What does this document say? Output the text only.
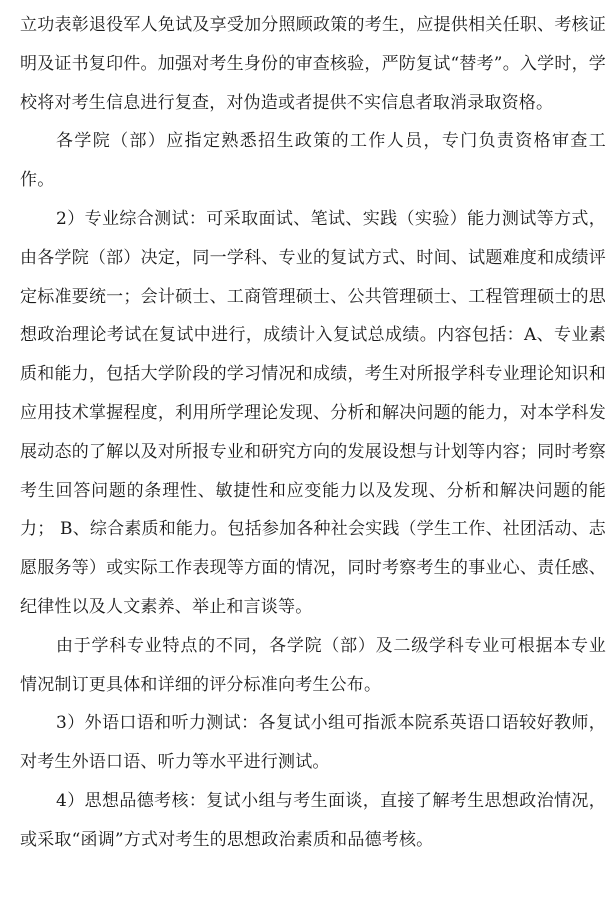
立功表彰退役军人免试及享受加分照顾政策的考生，应提供相关任职、考核证明及证书复印件。加强对考生身份的审查核验，严防复试“替考”。入学时，学校将对考生信息进行复查，对伪造或者提供不实信息者取消录取资格。

各学院（部）应指定熟悉招生政策的工作人员，专门负责资格审查工作。

2）专业综合测试：可采取面试、笔试、实践（实验）能力测试等方式，由各学院（部）决定，同一学科、专业的复试方式、时间、试题难度和成绩评定标准要统一；会计硕士、工商管理硕士、公共管理硕士、工程管理硕士的思想政治理论考试在复试中进行，成绩计入复试总成绩。内容包括：A、专业素质和能力，包括大学阶段的学习情况和成绩，考生对所报学科专业理论知识和应用技术掌握程度，利用所学理论发现、分析和解决问题的能力，对本学科发展动态的了解以及对所报专业和研究方向的发展设想与计划等内容；同时考察考生回答问题的条理性、敏捷性和应变能力以及发现、分析和解决问题的能力； B、综合素质和能力。包括参加各种社会实践（学生工作、社团活动、志愿服务等）或实际工作表现等方面的情况，同时考察考生的事业心、责任感、纪律性以及人文素养、举止和言谈等。

由于学科专业特点的不同，各学院（部）及二级学科专业可根据本专业情况制订更具体和详细的评分标准向考生公布。

3）外语口语和听力测试：各复试小组可指派本院系英语口语较好教师，对考生外语口语、听力等水平进行测试。

4）思想品德考核：复试小组与考生面谈，直接了解考生思想政治情况，或采取“函调”方式对考生的思想政治素质和品德考核。
